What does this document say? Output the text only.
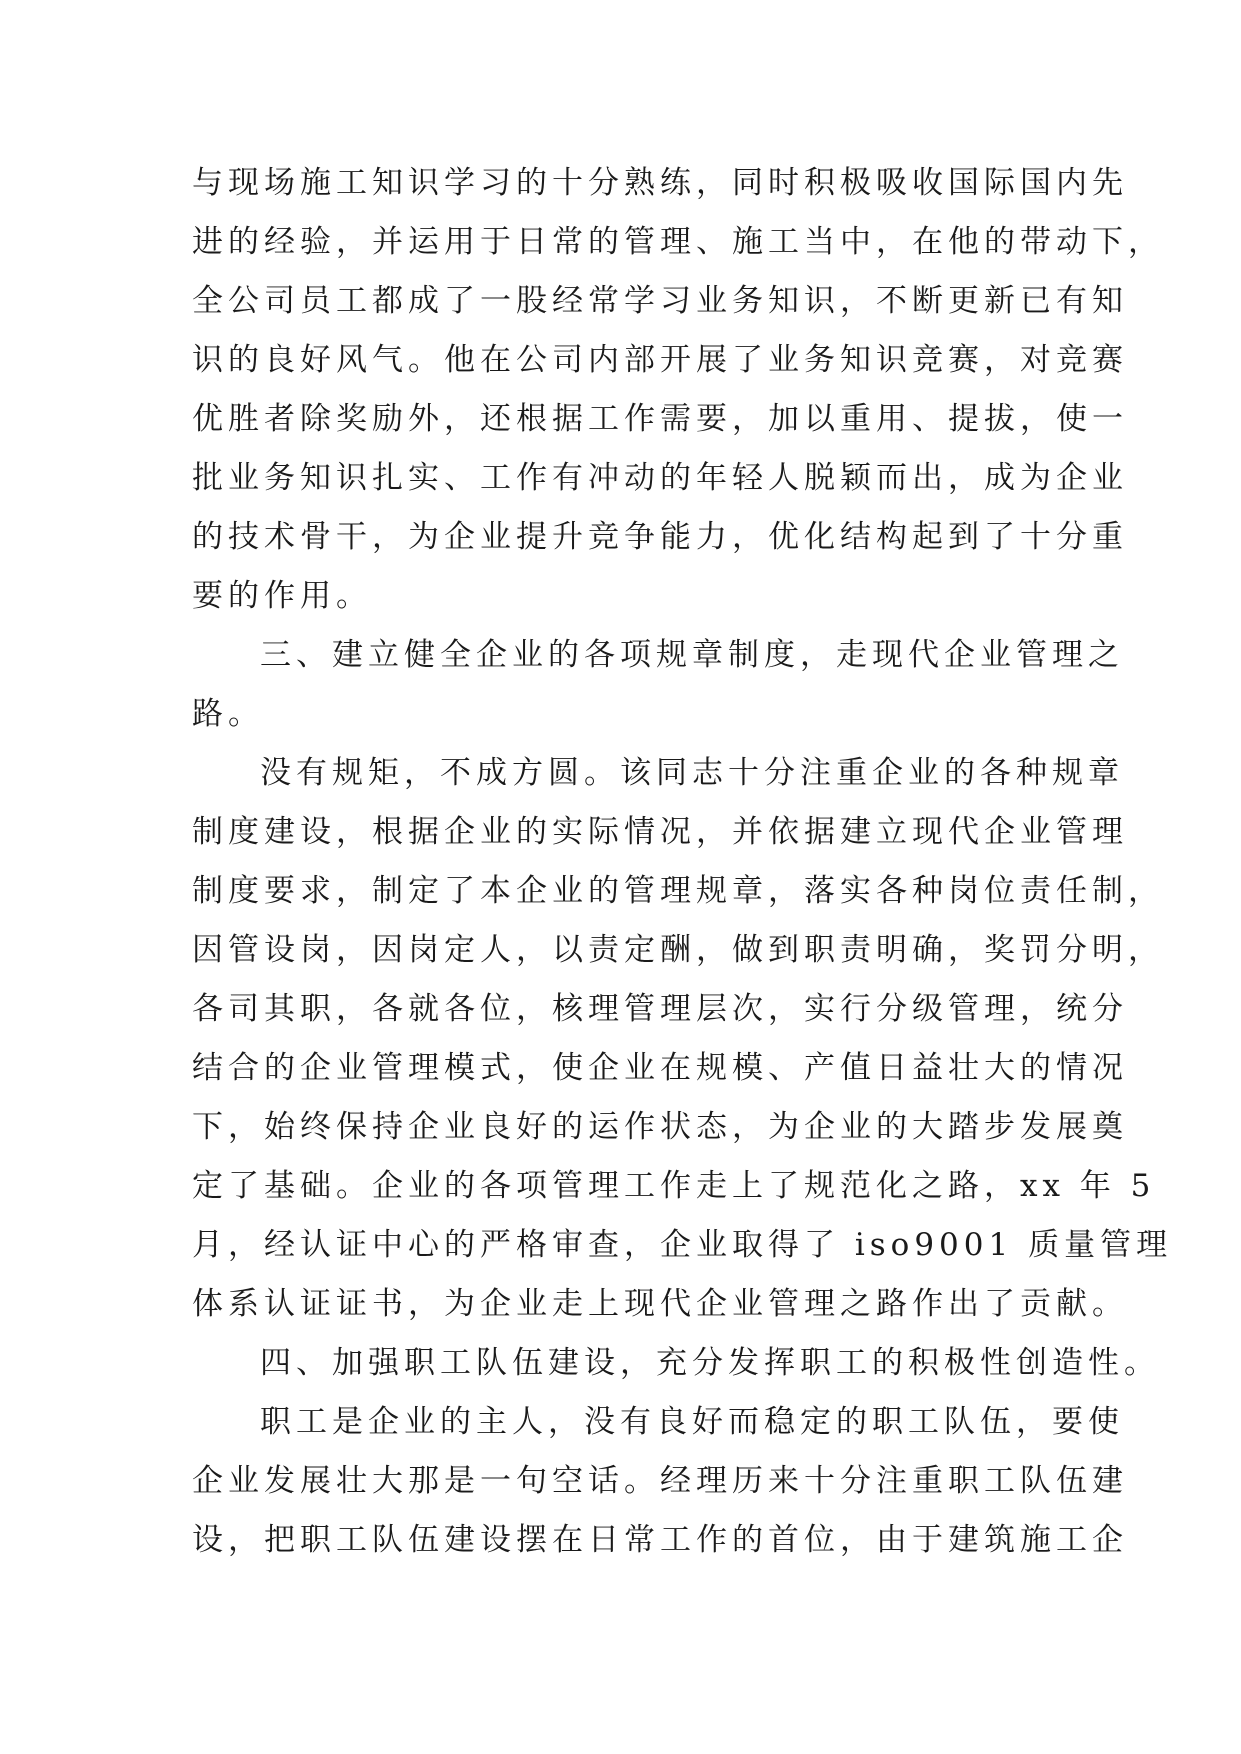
与现场施工知识学习的十分熟练，同时积极吸收国际国内先
进的经验，并运用于日常的管理、施工当中，在他的带动下，
全公司员工都成了一股经常学习业务知识，不断更新已有知
识的良好风气。他在公司内部开展了业务知识竞赛，对竞赛
优胜者除奖励外，还根据工作需要，加以重用、提拔，使一
批业务知识扎实、工作有冲动的年轻人脱颖而出，成为企业
的技术骨干，为企业提升竞争能力，优化结构起到了十分重
要的作用。
三、建立健全企业的各项规章制度，走现代企业管理之
路。
没有规矩，不成方圆。该同志十分注重企业的各种规章
制度建设，根据企业的实际情况，并依据建立现代企业管理
制度要求，制定了本企业的管理规章，落实各种岗位责任制，
因管设岗，因岗定人，以责定酬，做到职责明确，奖罚分明，
各司其职，各就各位，核理管理层次，实行分级管理，统分
结合的企业管理模式，使企业在规模、产值日益壮大的情况
下，始终保持企业良好的运作状态，为企业的大踏步发展奠
定了基础。企业的各项管理工作走上了规范化之路，xx 年 5
月，经认证中心的严格审查，企业取得了 iso9001 质量管理
体系认证证书，为企业走上现代企业管理之路作出了贡献。
四、加强职工队伍建设，充分发挥职工的积极性创造性。
职工是企业的主人，没有良好而稳定的职工队伍，要使
企业发展壮大那是一句空话。经理历来十分注重职工队伍建
设，把职工队伍建设摆在日常工作的首位，由于建筑施工企
